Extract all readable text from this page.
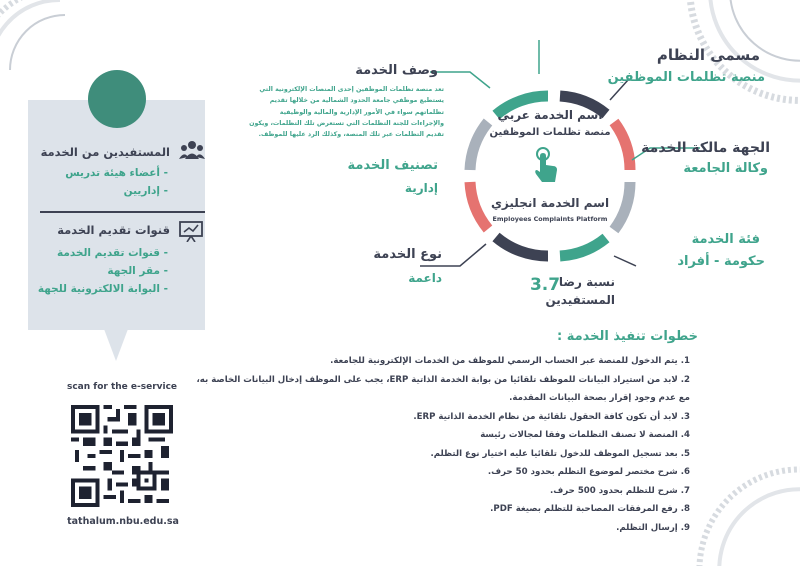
المستفيدين من الخدمة
- أعضاء هيئة تدريس
- إداريين
قنوات تقديم الخدمة
- قنوات تقديم الخدمة
- مقر الجهة
- البوابة الالكترونية للجهة
scan for the e-service
tathalum.nbu.edu.sa
اسم الخدمة عربي
منصة تظلمات الموظفين
اسم الخدمة انجليزي
Employees Complaints Platform
مسمى النظام
منصة تظلمات الموظفين
الجهة مالكة الخدمة
وكالة الجامعة
فئة الخدمة
حكومة - أفراد
3.7
نسبة رضا
المستفيدين
وصف الخدمة
تعد منصة تظلمات الموظفين إحدى المنصات الإلكترونية التي
يستطيع موظفي جامعة الحدود الشمالية من خلالها تقديم
تظلماتهم سواء في الأمور الإدارية والمالية والوظيفية
والإجراءات للجنة التظلمات التي تستعرض تلك التظلمات، ويكون
تقديم التظلمات عبر تلك المنصة، وكذلك الرد عليها للموظف.
تصنيف الخدمة
إدارية
نوع الخدمة
داعمة
خطوات تنفيذ الخدمة :
1. يتم الدخول للمنصة عبر الحساب الرسمي للموظف من الخدمات الإلكترونية للجامعة.
2. لابد من استيراد البيانات للموظف تلقائيا من بوابة الخدمة الذاتية ERP، يجب على الموظف إدخال البيانات الخاصة به،
مع عدم وجود إقرار بصحة البيانات المقدمة.
3. لابد أن تكون كافة الحقول تلقائية من نظام الخدمة الذاتية ERP.
4. المنصة لا تصنف التظلمات وفقا لمجالات رئيسة
5. بعد تسجيل الموظف للدخول تلقائيا عليه اختيار نوع التظلم.
6. شرح مختصر لموضوع التظلم بحدود 50 حرف.
7. شرح للتظلم بحدود 500 حرف.
8. رفع المرفقات المصاحبة للتظلم بصيغة PDF.
9. إرسال التظلم.
